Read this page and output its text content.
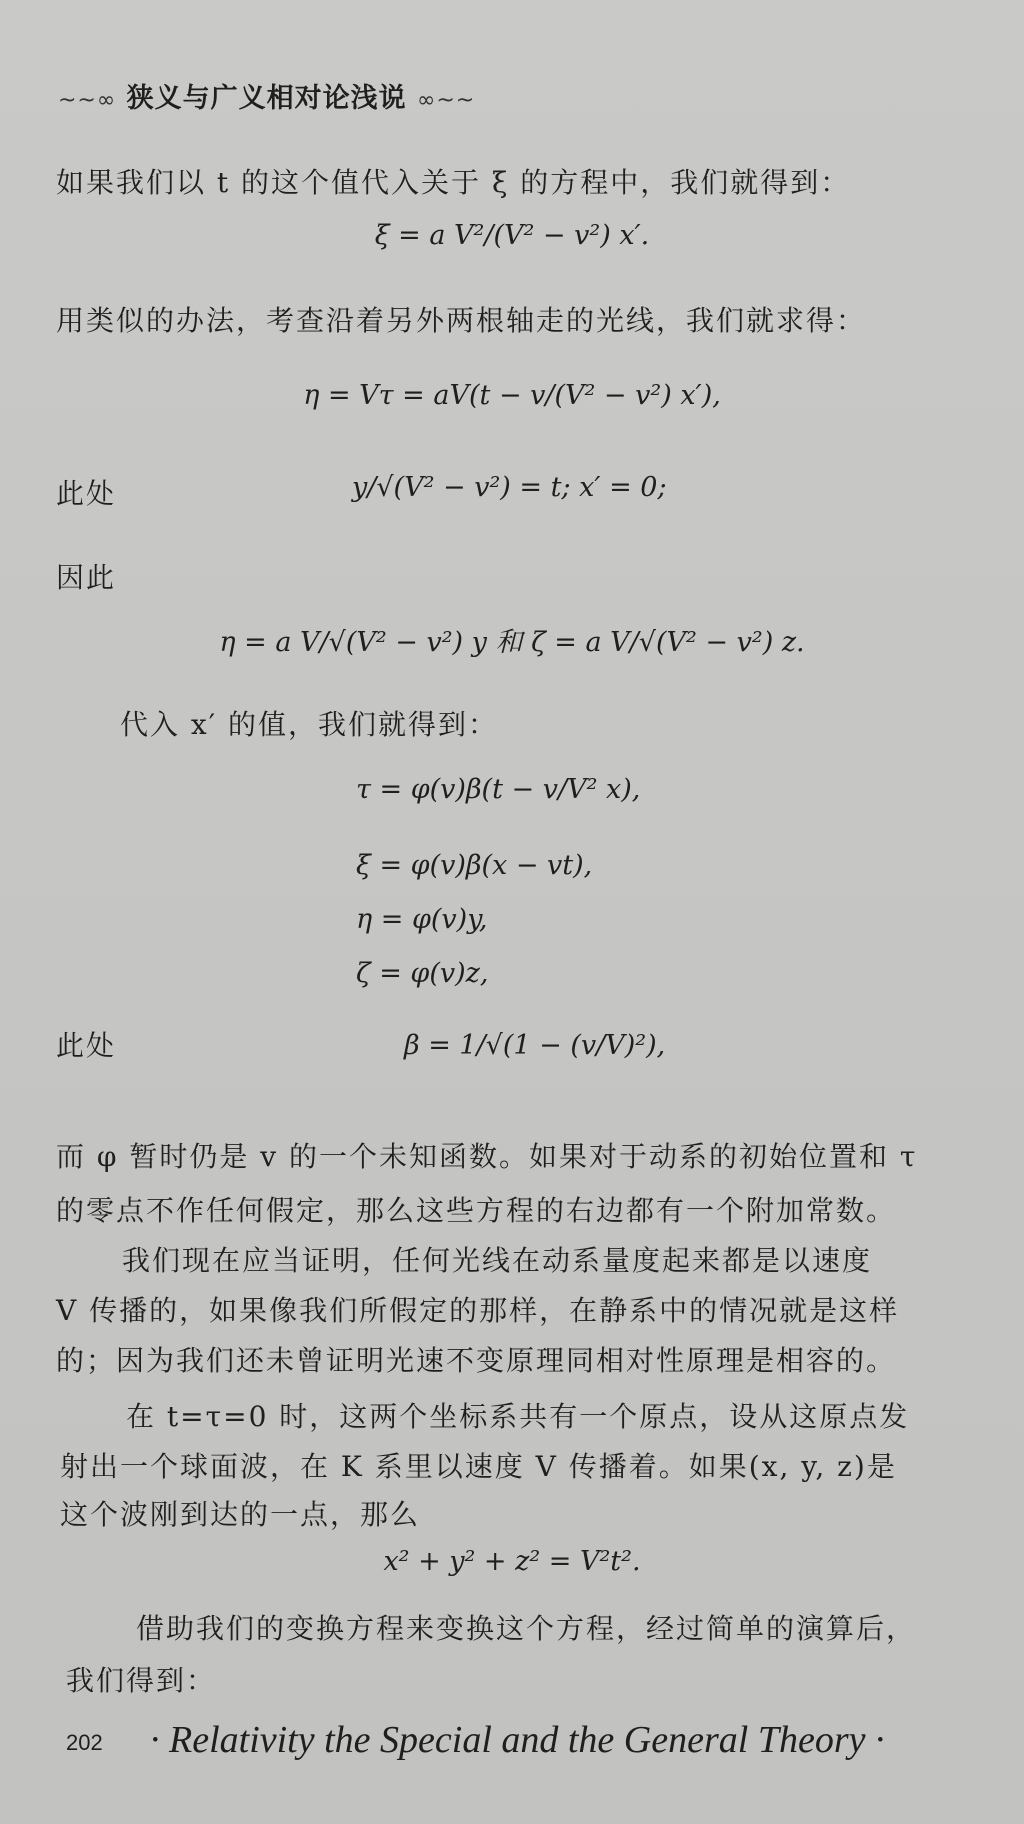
~~∞ 狭义与广义相对论浅说 ∞~~
如果我们以 t 的这个值代入关于 ξ 的方程中，我们就得到：
ξ = a V²/(V² − v²) x′.
用类似的办法，考查沿着另外两根轴走的光线，我们就求得：
η = Vτ = aV(t − v/(V² − v²) x′),
此处	y/√(V² − v²) = t; x′ = 0;
因此
η = a V/√(V² − v²) y 和 ζ = a V/√(V² − v²) z.
代入 x′ 的值，我们就得到：
τ = φ(v)β(t − v/V² x),
ξ = φ(v)β(x − vt),
η = φ(v)y,
ζ = φ(v)z,
此处	β = 1/√(1 − (v/V)²),
而 φ 暂时仍是 v 的一个未知函数。如果对于动系的初始位置和 τ
的零点不作任何假定，那么这些方程的右边都有一个附加常数。
我们现在应当证明，任何光线在动系量度起来都是以速度
V 传播的，如果像我们所假定的那样，在静系中的情况就是这样
的；因为我们还未曾证明光速不变原理同相对性原理是相容的。
在 t=τ=0 时，这两个坐标系共有一个原点，设从这原点发
射出一个球面波，在 K 系里以速度 V 传播着。如果(x, y, z)是
这个波刚到达的一点，那么
x² + y² + z² = V²t².
借助我们的变换方程来变换这个方程，经过简单的演算后，
我们得到：
202 · Relativity the Special and the General Theory ·
